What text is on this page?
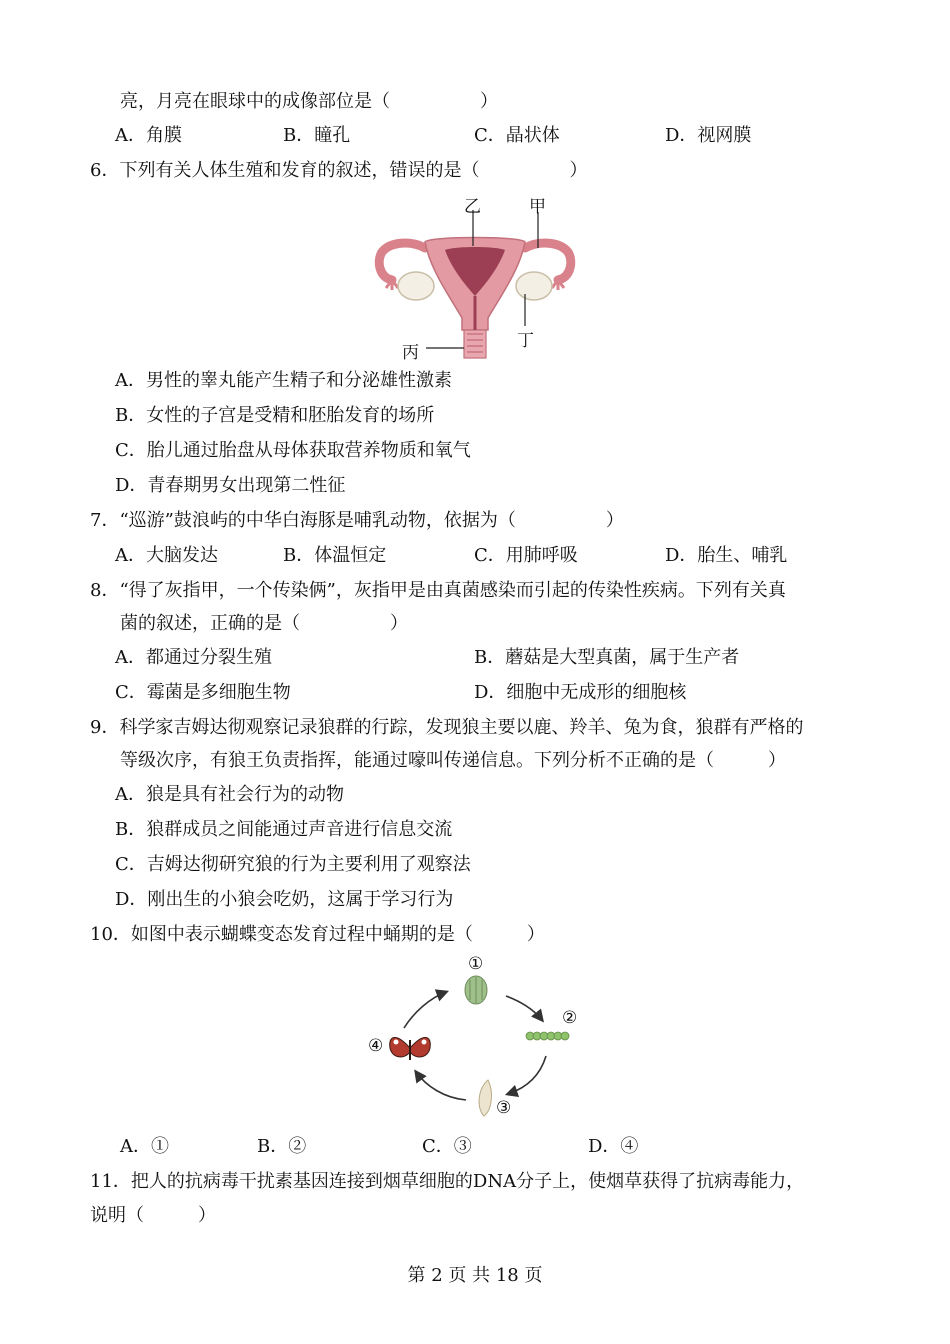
亮，月亮在眼球中的成像部位是（　　　　　）
A．角膜	B．瞳孔	C．晶状体	D．视网膜
6．下列有关人体生殖和发育的叙述，错误的是（　　　　　）
乙	甲
丁
丙
A．男性的睾丸能产生精子和分泌雄性激素
B．女性的子宫是受精和胚胎发育的场所
C．胎儿通过胎盘从母体获取营养物质和氧气
D．青春期男女出现第二性征
7．“巡游”鼓浪屿的中华白海豚是哺乳动物，依据为（　　　　　）
A．大脑发达	B．体温恒定	C．用肺呼吸	D．胎生、哺乳
8．“得了灰指甲，一个传染俩”，灰指甲是由真菌感染而引起的传染性疾病。下列有关真
菌的叙述，正确的是（　　　　　）
A．都通过分裂生殖	B．蘑菇是大型真菌，属于生产者
C．霉菌是多细胞生物	D．细胞中无成形的细胞核
9．科学家吉姆达彻观察记录狼群的行踪，发现狼主要以鹿、羚羊、兔为食，狼群有严格的
等级次序，有狼王负责指挥，能通过嚎叫传递信息。下列分析不正确的是（　　　）
A．狼是具有社会行为的动物
B．狼群成员之间能通过声音进行信息交流
C．吉姆达彻研究狼的行为主要利用了观察法
D．刚出生的小狼会吃奶，这属于学习行为
10．如图中表示蝴蝶变态发育过程中蛹期的是（　　　）
①
②
③
④
A．①	B．②	C．③	D．④
11．把人的抗病毒干扰素基因连接到烟草细胞的DNA分子上，使烟草获得了抗病毒能力，
说明（　　　）
第 2 页 共 18 页
